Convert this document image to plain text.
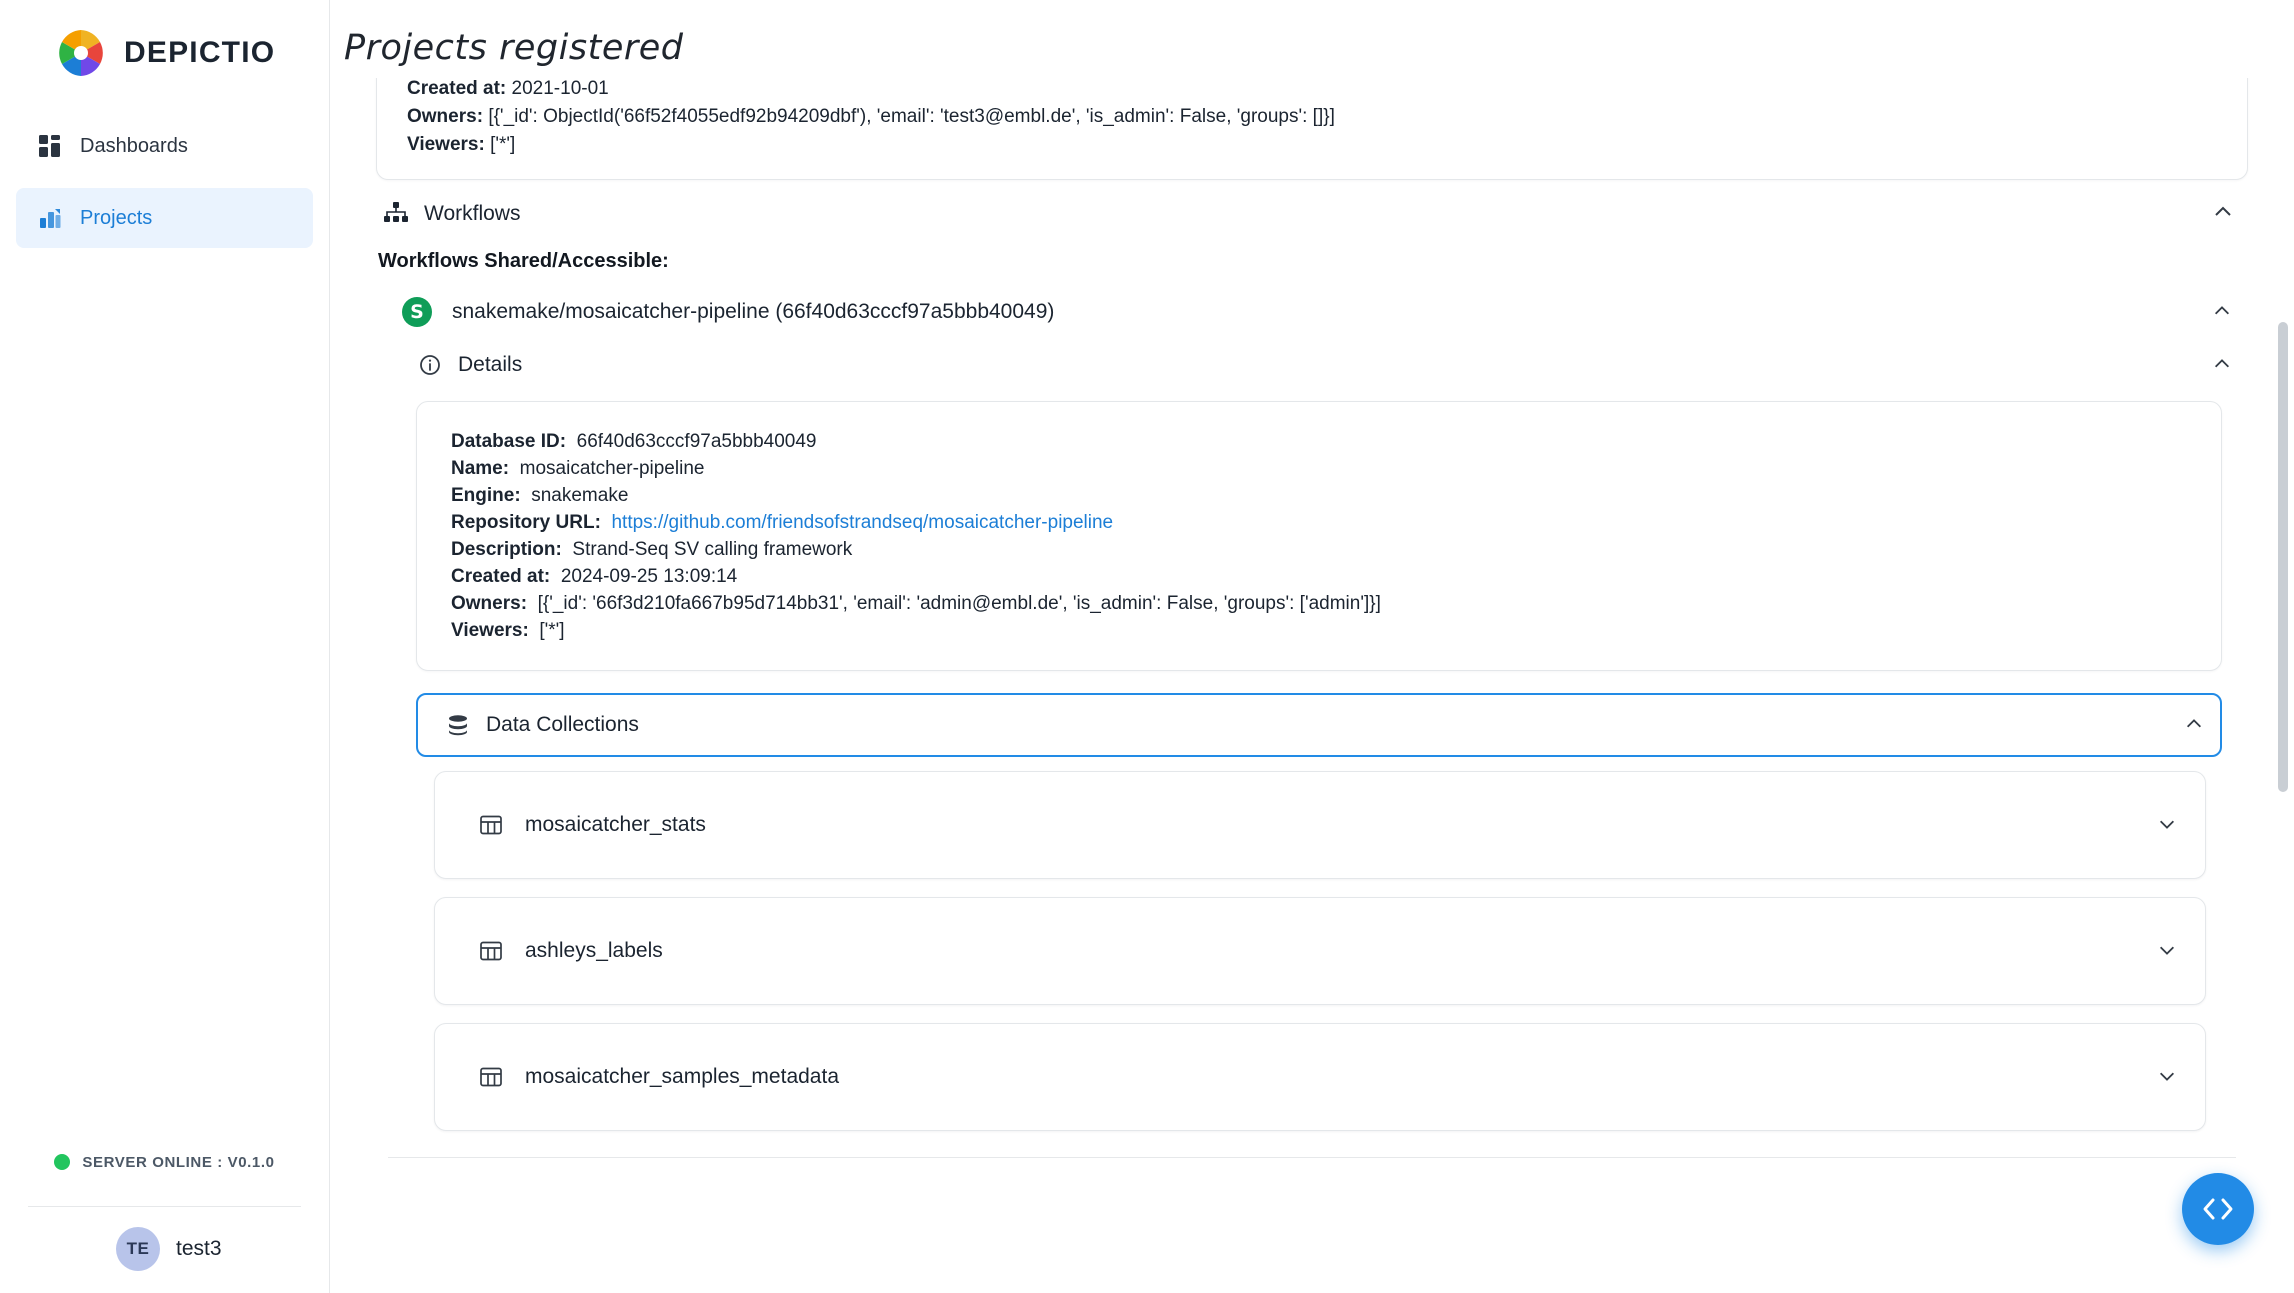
DEPICTIO
Dashboards
Projects
SERVER ONLINE : V0.1.0
TE	test3
Projects registered
Created at: 2021-10-01
Owners: [{'_id': ObjectId('66f52f4055edf92b94209dbf'), 'email': 'test3@embl.de', 'is_admin': False, 'groups': []}]
Viewers: ['*']
Workflows
Workflows Shared/Accessible:
S	snakemake/mosaicatcher-pipeline (66f40d63cccf97a5bbb40049)
Details
Database ID: 66f40d63cccf97a5bbb40049
Name: mosaicatcher-pipeline
Engine: snakemake
Repository URL: https://github.com/friendsofstrandseq/mosaicatcher-pipeline
Description: Strand-Seq SV calling framework
Created at: 2024-09-25 13:09:14
Owners: [{'_id': '66f3d210fa667b95d714bb31', 'email': 'admin@embl.de', 'is_admin': False, 'groups': ['admin']}]
Viewers: ['*']
Data Collections
mosaicatcher_stats
ashleys_labels
mosaicatcher_samples_metadata
